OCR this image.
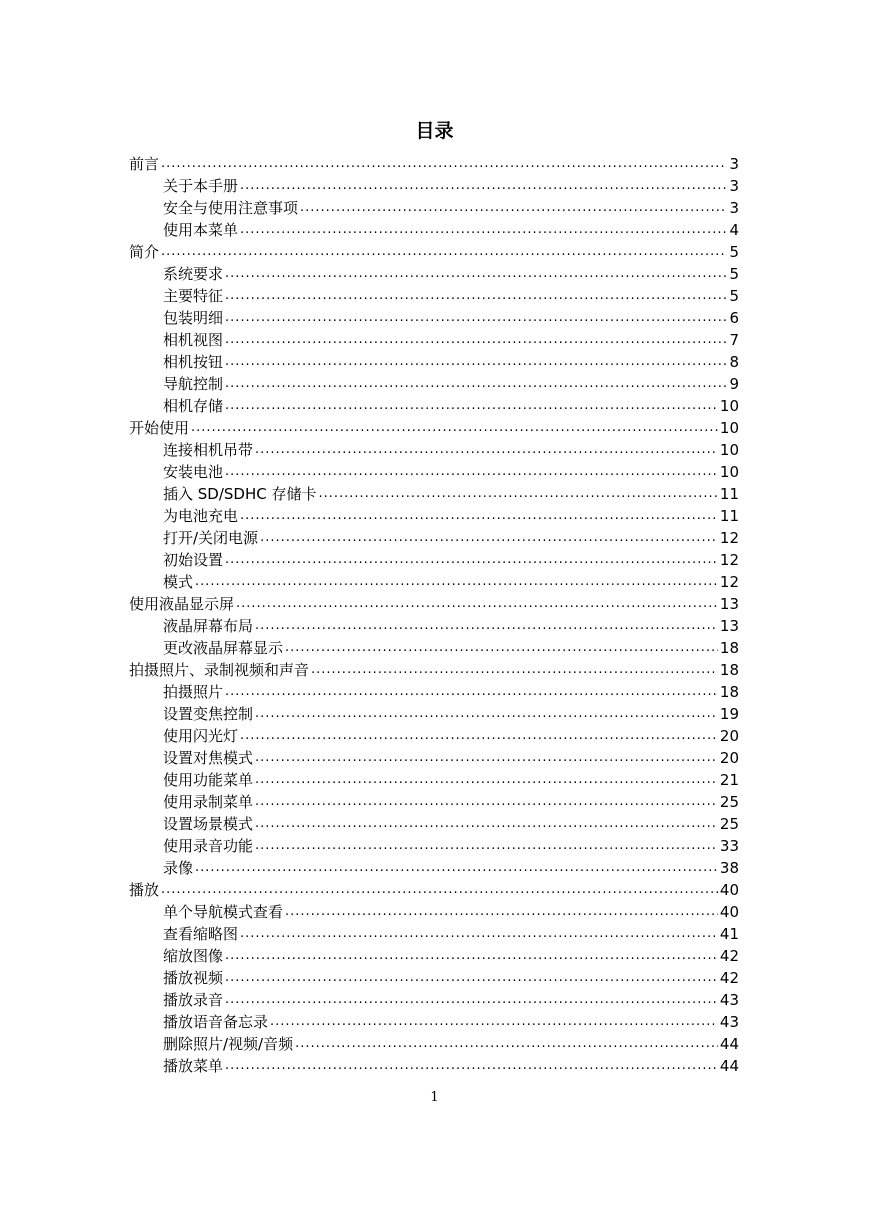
目录
前言 .....	3
关于本手册 .....	3
安全与使用注意事项 .....	3
使用本菜单 .....	4
简介 .....	5
系统要求 .....	5
主要特征 .....	5
包装明细 .....	6
相机视图 .....	7
相机按钮 .....	8
导航控制 .....	9
相机存储 .....	10
开始使用 .....	10
连接相机吊带 .....	10
安装电池 .....	10
插入 SD/SDHC 存储卡 .....	11
为电池充电 .....	11
打开/关闭电源 .....	12
初始设置 .....	12
模式 .....	12
使用液晶显示屏 .....	13
液晶屏幕布局 .....	13
更改液晶屏幕显示 .....	18
拍摄照片、录制视频和声音 .....	18
拍摄照片 .....	18
设置变焦控制 .....	19
使用闪光灯 .....	20
设置对焦模式 .....	20
使用功能菜单 .....	21
使用录制菜单 .....	25
设置场景模式 .....	25
使用录音功能 .....	33
录像 .....	38
播放 .....	40
单个导航模式查看 .....	40
查看缩略图 .....	41
缩放图像 .....	42
播放视频 .....	42
播放录音 .....	43
播放语音备忘录 .....	43
删除照片/视频/音频 .....	44
播放菜单 .....	44
1
